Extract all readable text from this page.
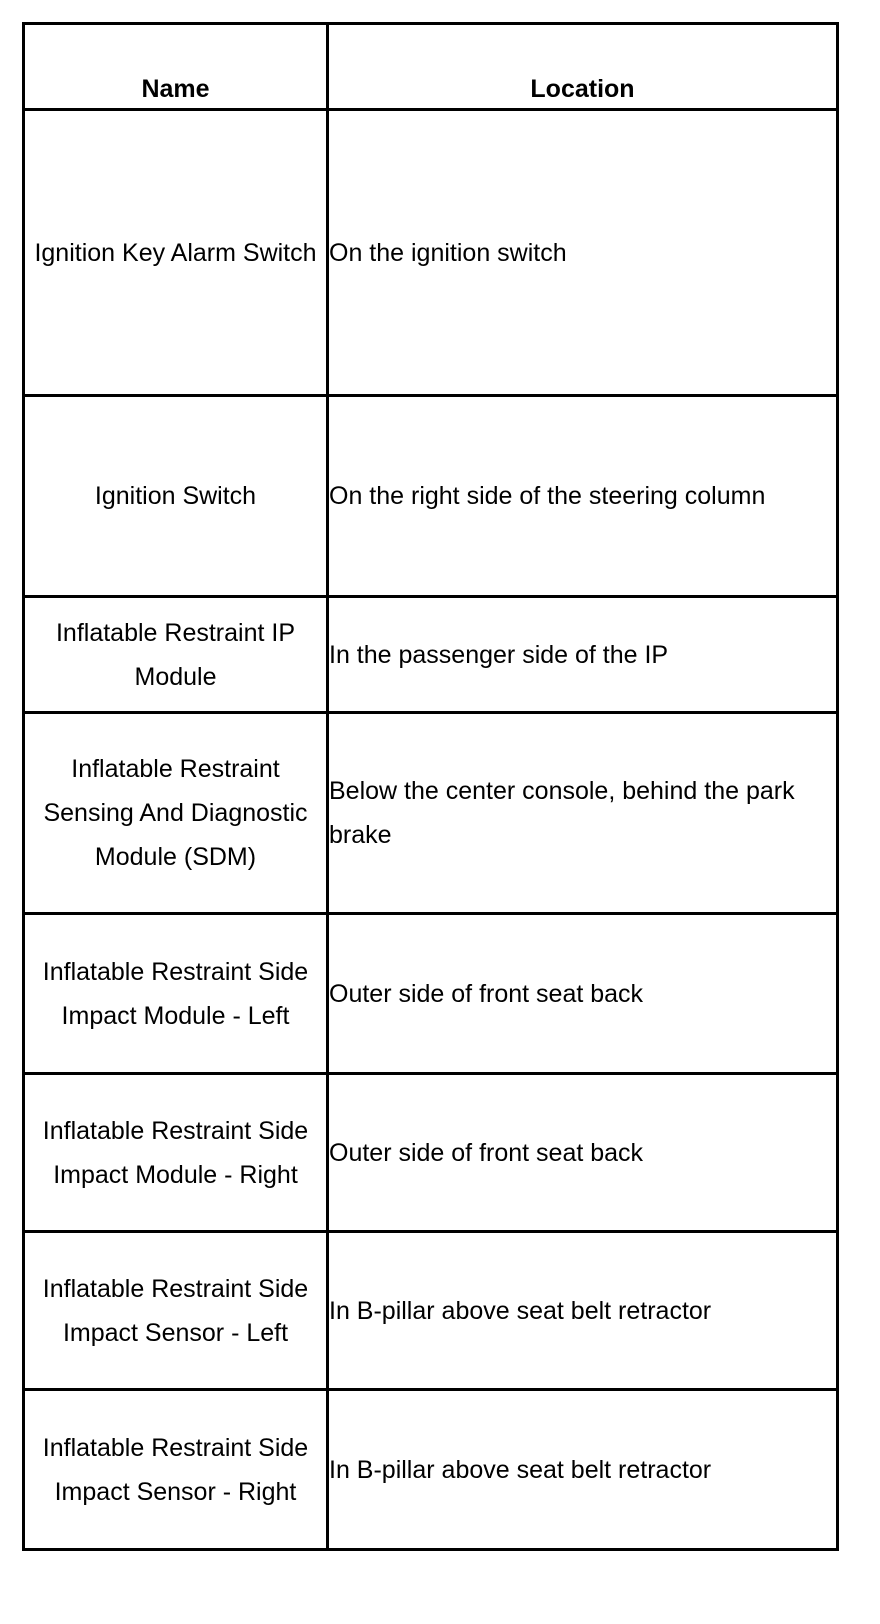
Name	Location
Ignition Key Alarm Switch	On the ignition switch
Ignition Switch	On the right side of the steering column
Inflatable Restraint IP Module	In the passenger side of the IP
Inflatable Restraint Sensing And Diagnostic Module (SDM)	Below the center console, behind the park brake
Inflatable Restraint Side Impact Module - Left	Outer side of front seat back
Inflatable Restraint Side Impact Module - Right	Outer side of front seat back
Inflatable Restraint Side Impact Sensor - Left	In B-pillar above seat belt retractor
Inflatable Restraint Side Impact Sensor - Right	In B-pillar above seat belt retractor
